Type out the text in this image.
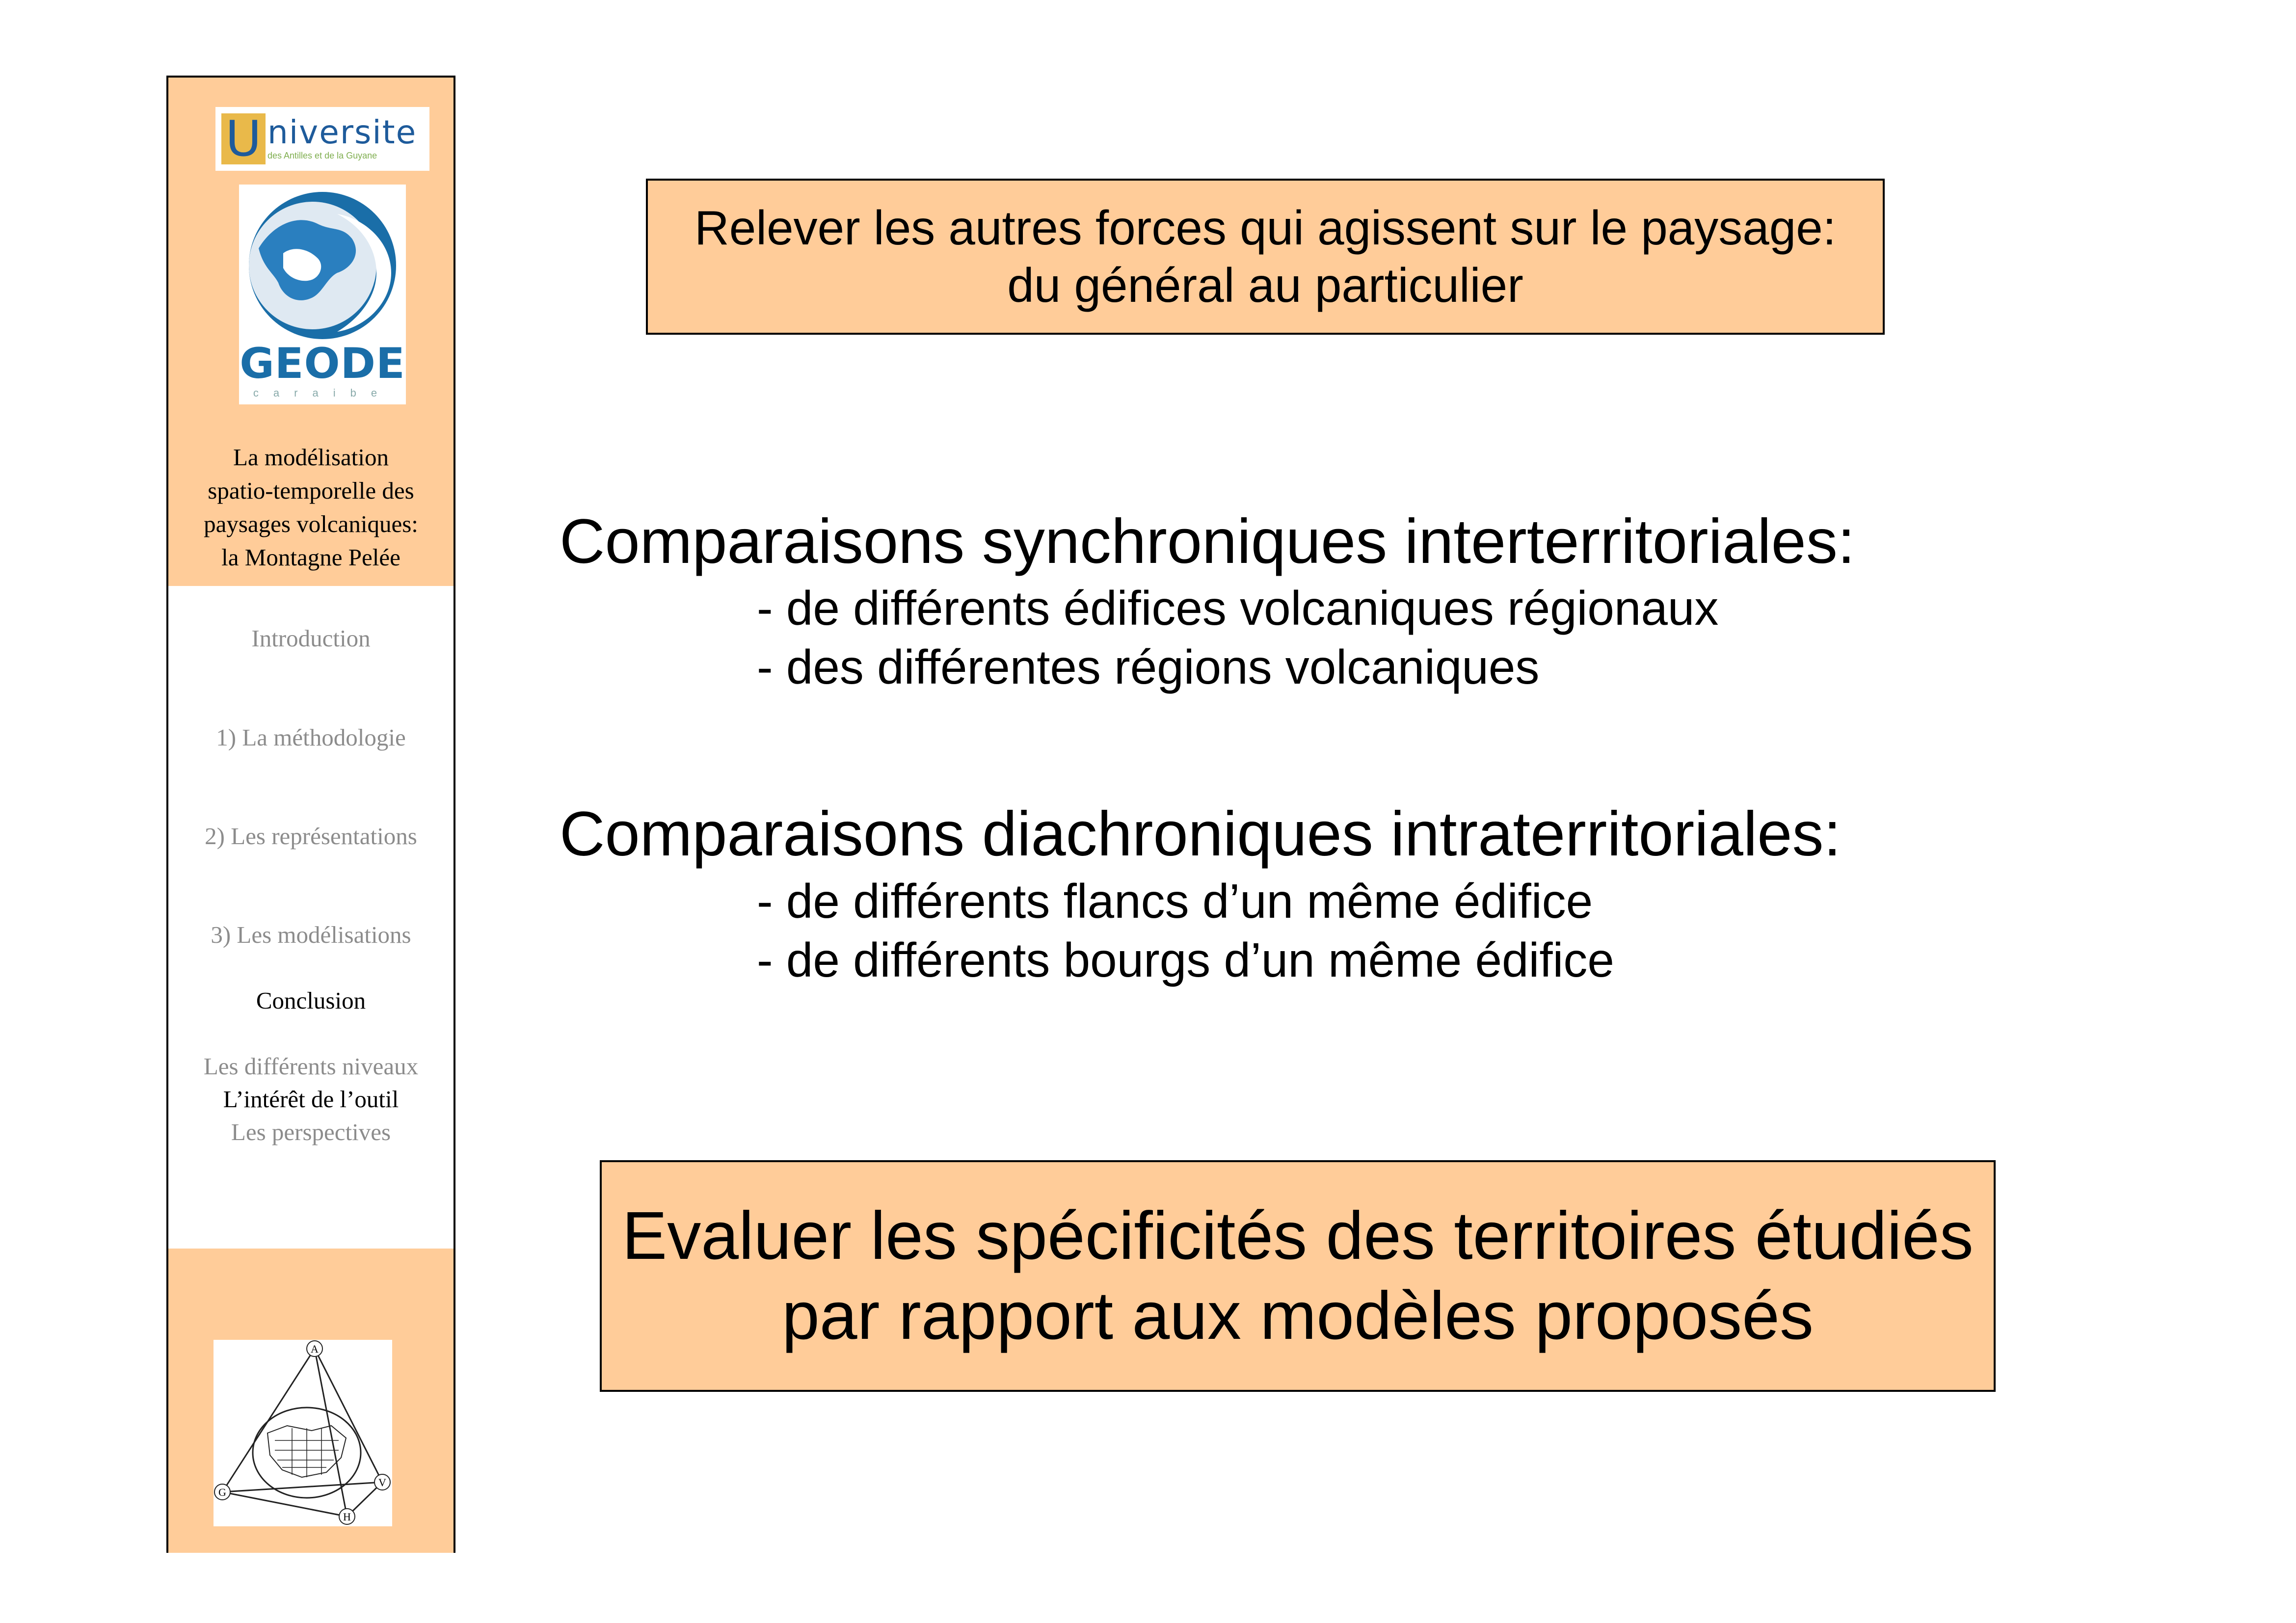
U niversite
des Antilles et de la Guyane
GEODE
caraibe
La modélisation
spatio-temporelle des
paysages volcaniques:
la Montagne Pelée
Introduction
1) La méthodologie
2) Les représentations
3) Les modélisations
Conclusion
Les différents niveaux
L’intérêt de l’outil
Les perspectives
A
V
H
G
Relever les autres forces qui agissent sur le paysage:
du général au particulier
Comparaisons synchroniques interterritoriales:
- de différents édifices volcaniques régionaux
- des différentes régions volcaniques
Comparaisons diachroniques intraterritoriales:
- de différents flancs d’un même édifice
- de différents bourgs d’un même édifice
Evaluer les spécificités des territoires étudiés
par rapport aux modèles proposés
